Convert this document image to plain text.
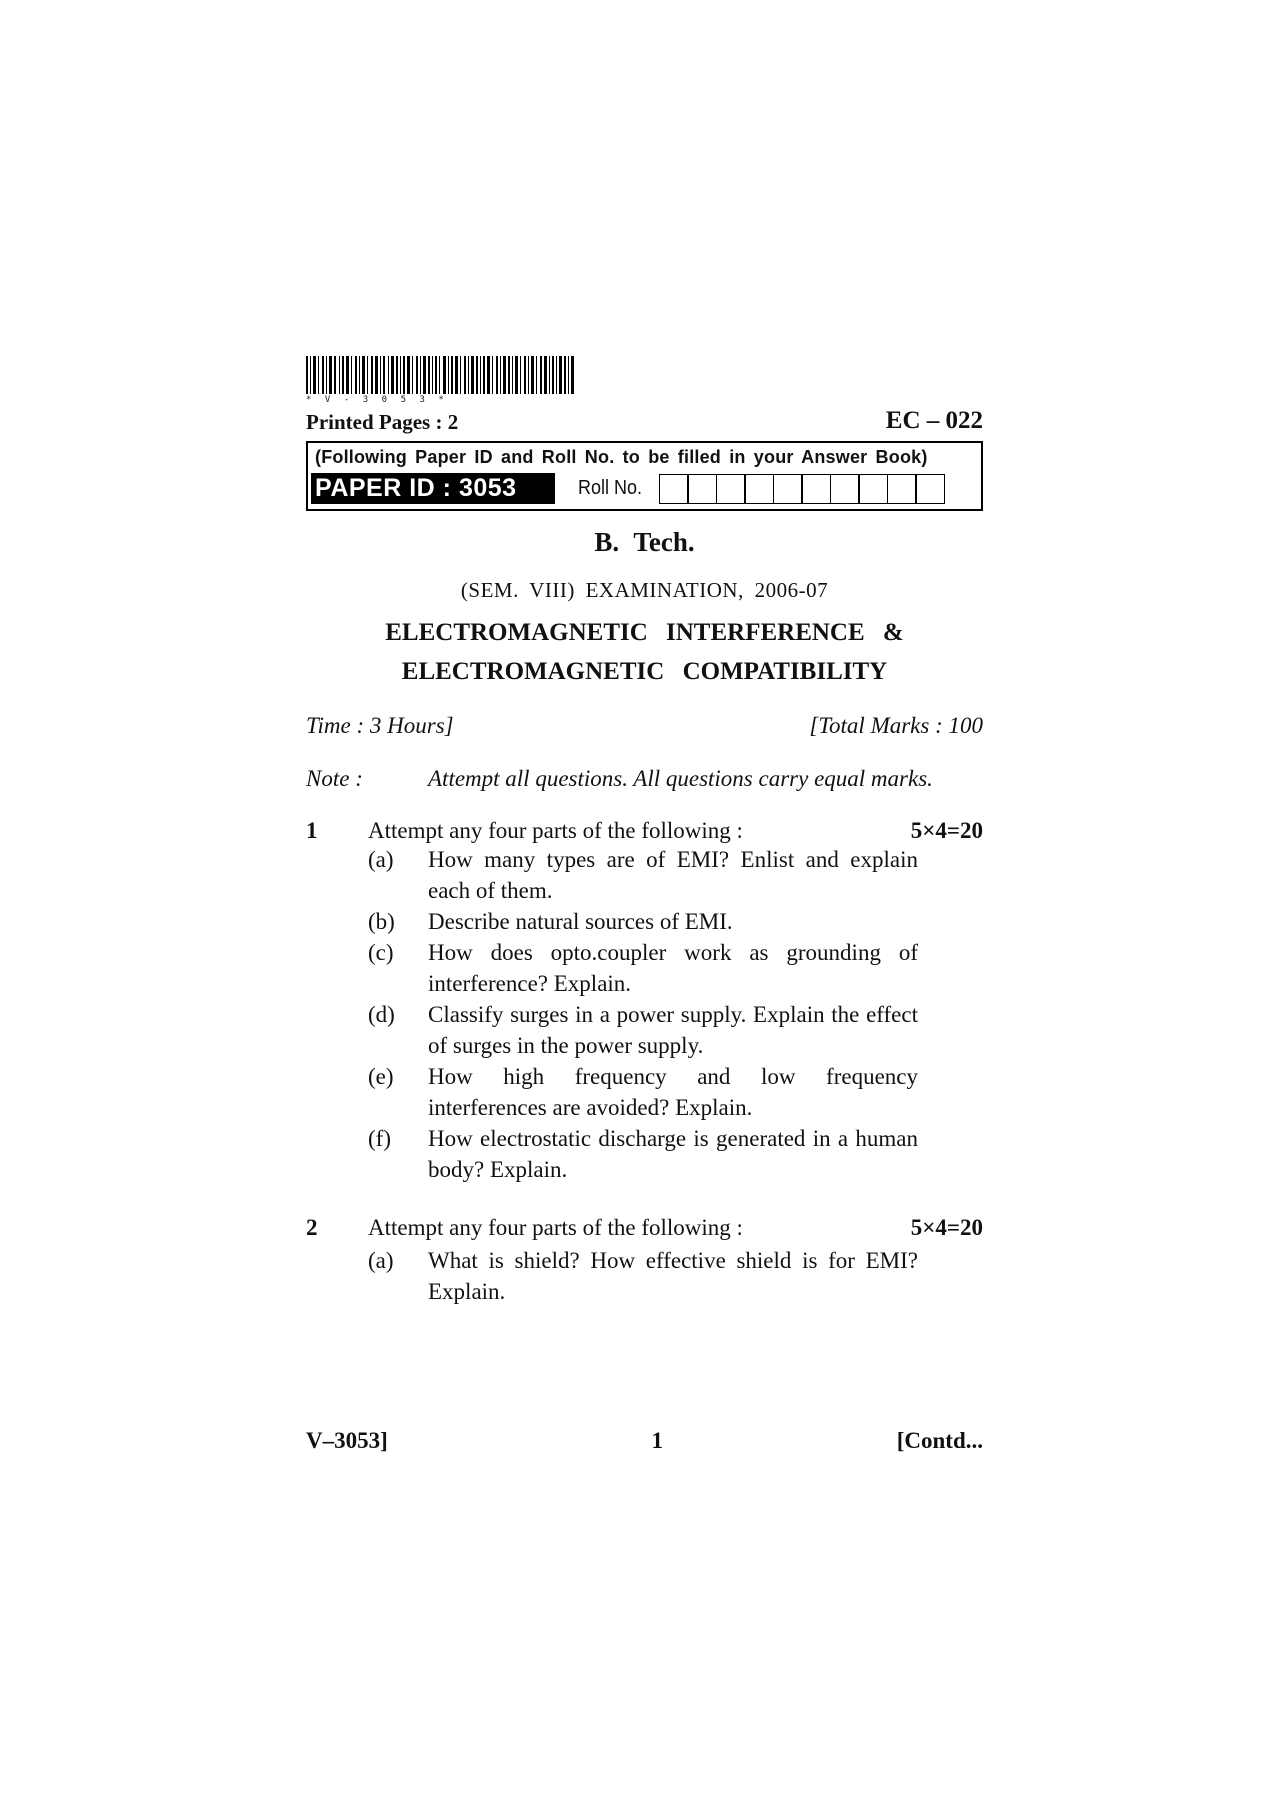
*V-3053*
Printed Pages : 2	EC – 022
(Following Paper ID and Roll No. to be filled in your Answer Book)
PAPER ID : 3053	Roll No.
B. Tech.
(SEM. VIII) EXAMINATION, 2006-07
ELECTROMAGNETIC INTERFERENCE &
ELECTROMAGNETIC COMPATIBILITY
Time : 3 Hours]	[Total Marks : 100
Note :	Attempt all questions. All questions carry equal marks.
1	Attempt any four parts of the following :	5×4=20
(a)	How many types are of EMI? Enlist and explain each of them.
(b)	Describe natural sources of EMI.
(c)	How does opto.coupler work as grounding of interference? Explain.
(d)	Classify surges in a power supply. Explain the effect of surges in the power supply.
(e)	How high frequency and low frequency interferences are avoided? Explain.
(f)	How electrostatic discharge is generated in a human body? Explain.
2	Attempt any four parts of the following :	5×4=20
(a)	What is shield? How effective shield is for EMI? Explain.
V–3053]	1	[Contd...
